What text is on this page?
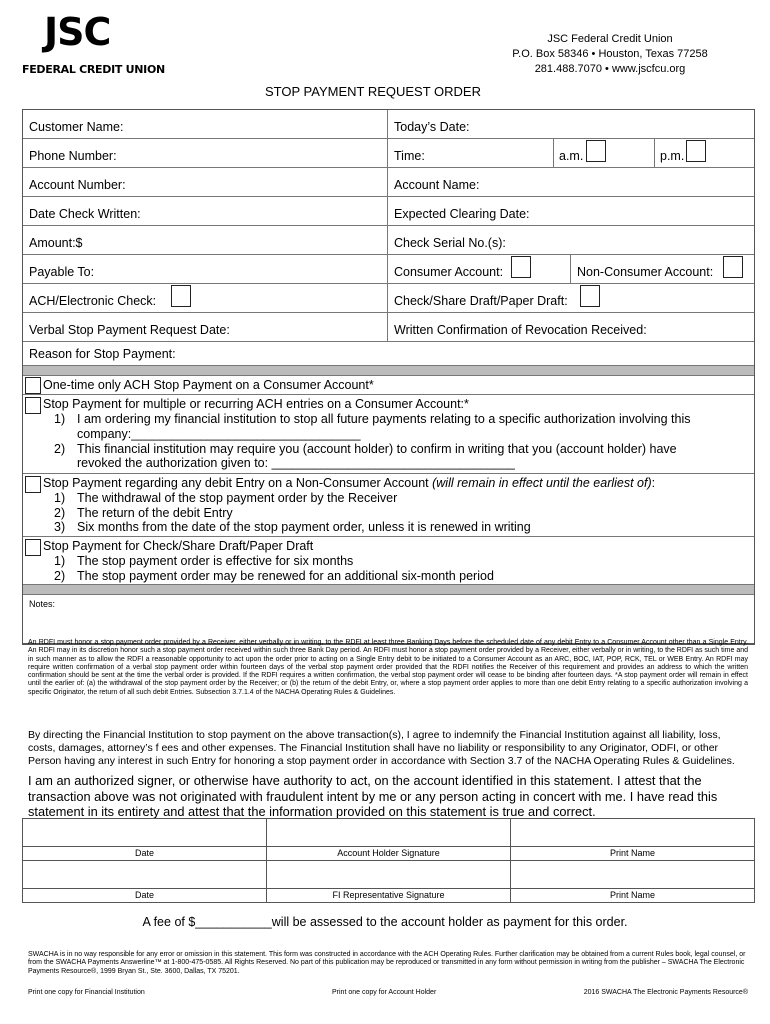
JSC
FEDERAL CREDIT UNION
JSC Federal Credit Union
P.O. Box 58346 • Houston, Texas 77258
281.488.7070 • www.jscfcu.org
STOP PAYMENT REQUEST ORDER
Customer Name:	Today’s Date:
Phone Number:	Time:	a.m.	p.m.
Account Number:	Account Name:
Date Check Written:	Expected Clearing Date:
Amount:$	Check Serial No.(s):
Payable To:	Consumer Account:	Non-Consumer Account:
ACH/Electronic Check:	Check/Share Draft/Paper Draft:
Verbal Stop Payment Request Date:	Written Confirmation of Revocation Received:
Reason for Stop Payment:
One-time only ACH Stop Payment on a Consumer Account*
Stop Payment for multiple or recurring ACH entries on a Consumer Account:*
1) I am ordering my financial institution to stop all future payments relating to a specific authorization involving this
company:_________________________________
2) This financial institution may require you (account holder) to confirm in writing that you (account holder) have
revoked the authorization given to: ___________________________________
Stop Payment regarding any debit Entry on a Non-Consumer Account (will remain in effect until the earliest of):
1) The withdrawal of the stop payment order by the Receiver
2) The return of the debit Entry
3) Six months from the date of the stop payment order, unless it is renewed in writing
Stop Payment for Check/Share Draft/Paper Draft
1) The stop payment order is effective for six months
2) The stop payment order may be renewed for an additional six-month period
Notes:
An RDFI must honor a stop payment order provided by a Receiver, either verbally or in writing, to the RDFI at least three Banking Days before the scheduled date of any debit Entry to a Consumer Account other than a Single Entry. An RDFI may in its discretion honor such a stop payment order received within such three Bank Day period. An RDFI must honor a stop payment order provided by a Receiver, either verbally or in writing, to the RDFI as such time and in such manner as to allow the RDFI a reasonable opportunity to act upon the order prior to acting on a Single Entry debit to be initiated to a Consumer Account as an ARC, BOC, IAT, POP, RCK, TEL or WEB Entry. An RDFI may require written confirmation of a verbal stop payment order within fourteen days of the verbal stop payment order provided that the RDFI notifies the Receiver of this requirement and provides an address to which the written confirmation should be sent at the time the verbal order is provided. If the RDFI requires a written confirmation, the verbal stop payment order will cease to be binding after fourteen days. *A stop payment order will remain in effect until the earlier of: (a) the withdrawal of the stop payment order by the Receiver; or (b) the return of the debit Entry, or, where a stop payment order applies to more than one debit Entry relating to a specific authorization involving a specific Originator, the return of all such debit Entries. Subsection 3.7.1.4 of the NACHA Operating Rules & Guidelines.
By directing the Financial Institution to stop payment on the above transaction(s), I agree to indemnify the Financial Institution against all liability, loss, costs, damages, attorney’s f ees and other expenses. The Financial Institution shall have no liability or responsibility to any Originator, ODFI, or other Person having any interest in such Entry for honoring a stop payment order in accordance with Section 3.7 of the NACHA Operating Rules & Guidelines.
I am an authorized signer, or otherwise have authority to act, on the account identified in this statement. I attest that the transaction above was not originated with fraudulent intent by me or any person acting in concert with me. I have read this statement in its entirety and attest that the information provided on this statement is true and correct.
Date	Account Holder Signature	Print Name
Date	FI Representative Signature	Print Name
A fee of $___________will be assessed to the account holder as payment for this order.
SWACHA is in no way responsible for any error or omission in this statement. This form was constructed in accordance with the ACH Operating Rules. Further clarification may be obtained from a current Rules book, legal counsel, or from the SWACHA Payments Answerline™ at 1-800-475-0585. All Rights Reserved. No part of this publication may be reproduced or transmitted in any form without permission in writing from the publisher – SWACHA The Electronic Payments Resource®, 1999 Bryan St., Ste. 3600, Dallas, TX 75201.
Print one copy for Financial Institution	Print one copy for Account Holder	2016 SWACHA The Electronic Payments Resource®
